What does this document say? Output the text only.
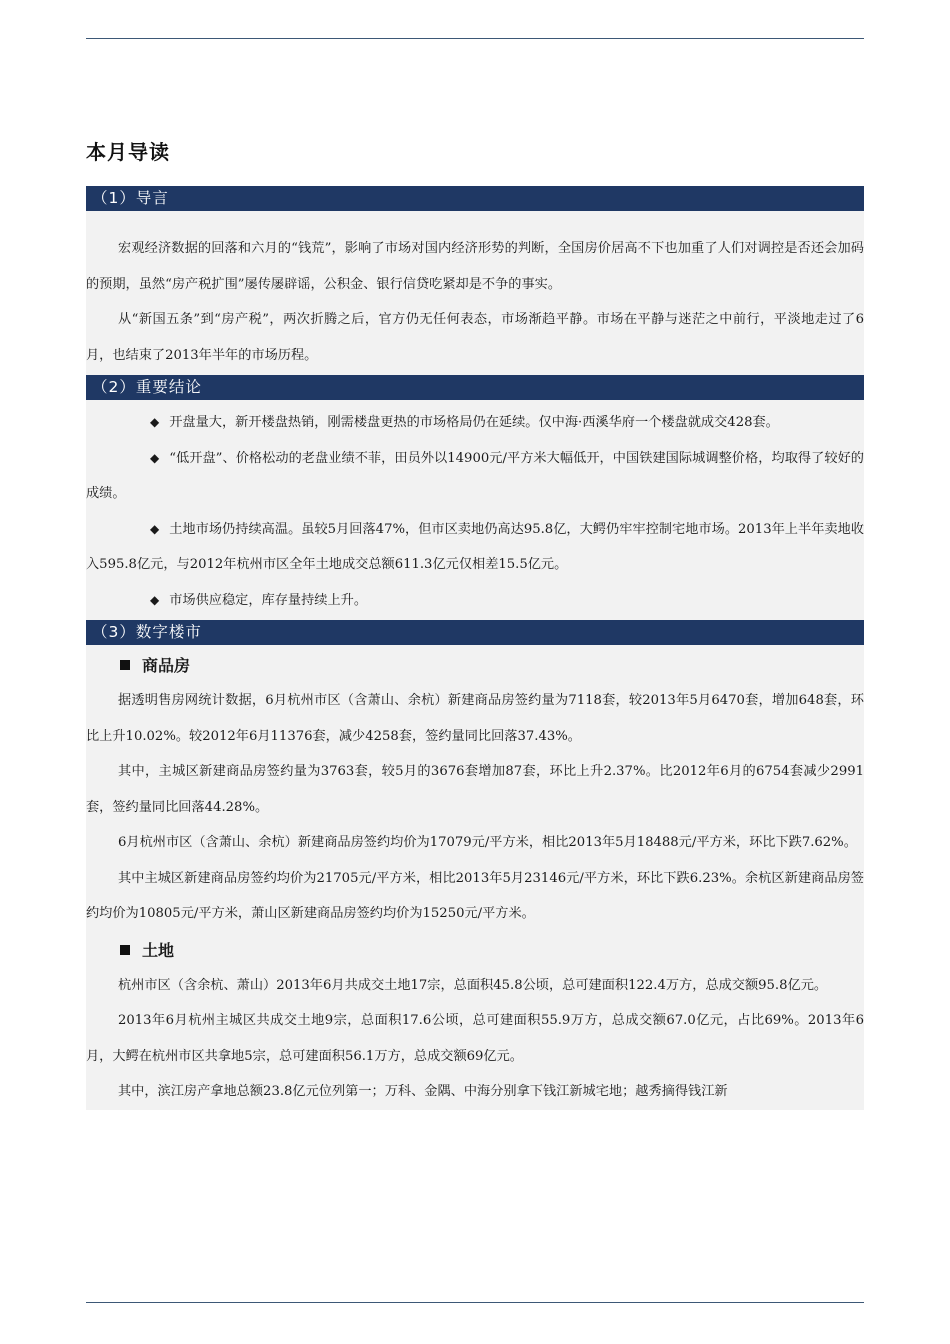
本月导读
（1）导言

宏观经济数据的回落和六月的“钱荒”，影响了市场对国内经济形势的判断，全国房价居高不下也加重了人们对调控是否还会加码的预期，虽然“房产税扩围”屡传屡辟谣，公积金、银行信贷吃紧却是不争的事实。

从“新国五条”到“房产税”，两次折腾之后，官方仍无任何表态，市场渐趋平静。市场在平静与迷茫之中前行，平淡地走过了6月，也结束了2013年半年的市场历程。

（2）重要结论

◆ 开盘量大，新开楼盘热销，刚需楼盘更热的市场格局仍在延续。仅中海·西溪华府一个楼盘就成交428套。

◆ “低开盘”、价格松动的老盘业绩不菲，田员外以14900元/平方米大幅低开，中国铁建国际城调整价格，均取得了较好的成绩。

◆ 土地市场仍持续高温。虽较5月回落47%，但市区卖地仍高达95.8亿，大鳄仍牢牢控制宅地市场。2013年上半年卖地收入595.8亿元，与2012年杭州市区全年土地成交总额611.3亿元仅相差15.5亿元。

◆ 市场供应稳定，库存量持续上升。

（3）数字楼市
商品房

据透明售房网统计数据，6月杭州市区（含萧山、余杭）新建商品房签约量为7118套，较2013年5月6470套，增加648套，环比上升10.02%。较2012年6月11376套，减少4258套，签约量同比回落37.43%。

其中，主城区新建商品房签约量为3763套，较5月的3676套增加87套，环比上升2.37%。比2012年6月的6754套减少2991套，签约量同比回落44.28%。

6月杭州市区（含萧山、余杭）新建商品房签约均价为17079元/平方米，相比2013年5月18488元/平方米，环比下跌7.62%。

其中主城区新建商品房签约均价为21705元/平方米，相比2013年5月23146元/平方米，环比下跌6.23%。余杭区新建商品房签约均价为10805元/平方米，萧山区新建商品房签约均价为15250元/平方米。

土地

杭州市区（含余杭、萧山）2013年6月共成交土地17宗，总面积45.8公顷，总可建面积122.4万方，总成交额95.8亿元。

2013年6月杭州主城区共成交土地9宗，总面积17.6公顷，总可建面积55.9万方，总成交额67.0亿元，占比69%。2013年6月，大鳄在杭州市区共拿地5宗，总可建面积56.1万方，总成交额69亿元。

其中，滨江房产拿地总额23.8亿元位列第一；万科、金隅、中海分别拿下钱江新城宅地；越秀摘得钱江新
